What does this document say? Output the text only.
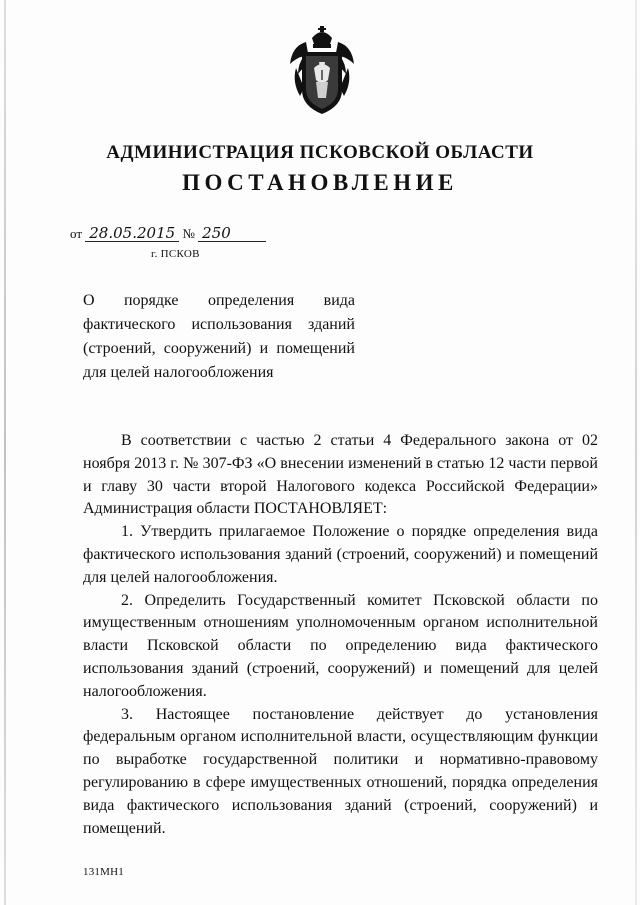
АДМИНИСТРАЦИЯ ПСКОВСКОЙ ОБЛАСТИ
ПОСТАНОВЛЕНИЕ
от 28.05.2015 № 250
г. ПСКОВ
О порядке определения вида
фактического использования зданий
(строений, сооружений) и помещений
для целей налогообложения

В соответствии с частью 2 статьи 4 Федерального закона от 02 ноября 2013 г. № 307-ФЗ «О внесении изменений в статью 12 части первой и главу 30 части второй Налогового кодекса Российской Федерации» Администрация области ПОСТАНОВЛЯЕТ:

1. Утвердить прилагаемое Положение о порядке определения вида фактического использования зданий (строений, сооружений) и помещений для целей налогообложения.

2. Определить Государственный комитет Псковской области по имущественным отношениям уполномоченным органом исполнительной власти Псковской области по определению вида фактического использования зданий (строений, сооружений) и помещений для целей налогообложения.

3. Настоящее постановление действует до установления федеральным органом исполнительной власти, осуществляющим функции по выработке государственной политики и нормативно-правовому регулированию в сфере имущественных отношений, порядка определения вида фактического использования зданий (строений, сооружений) и помещений.

131МН1
